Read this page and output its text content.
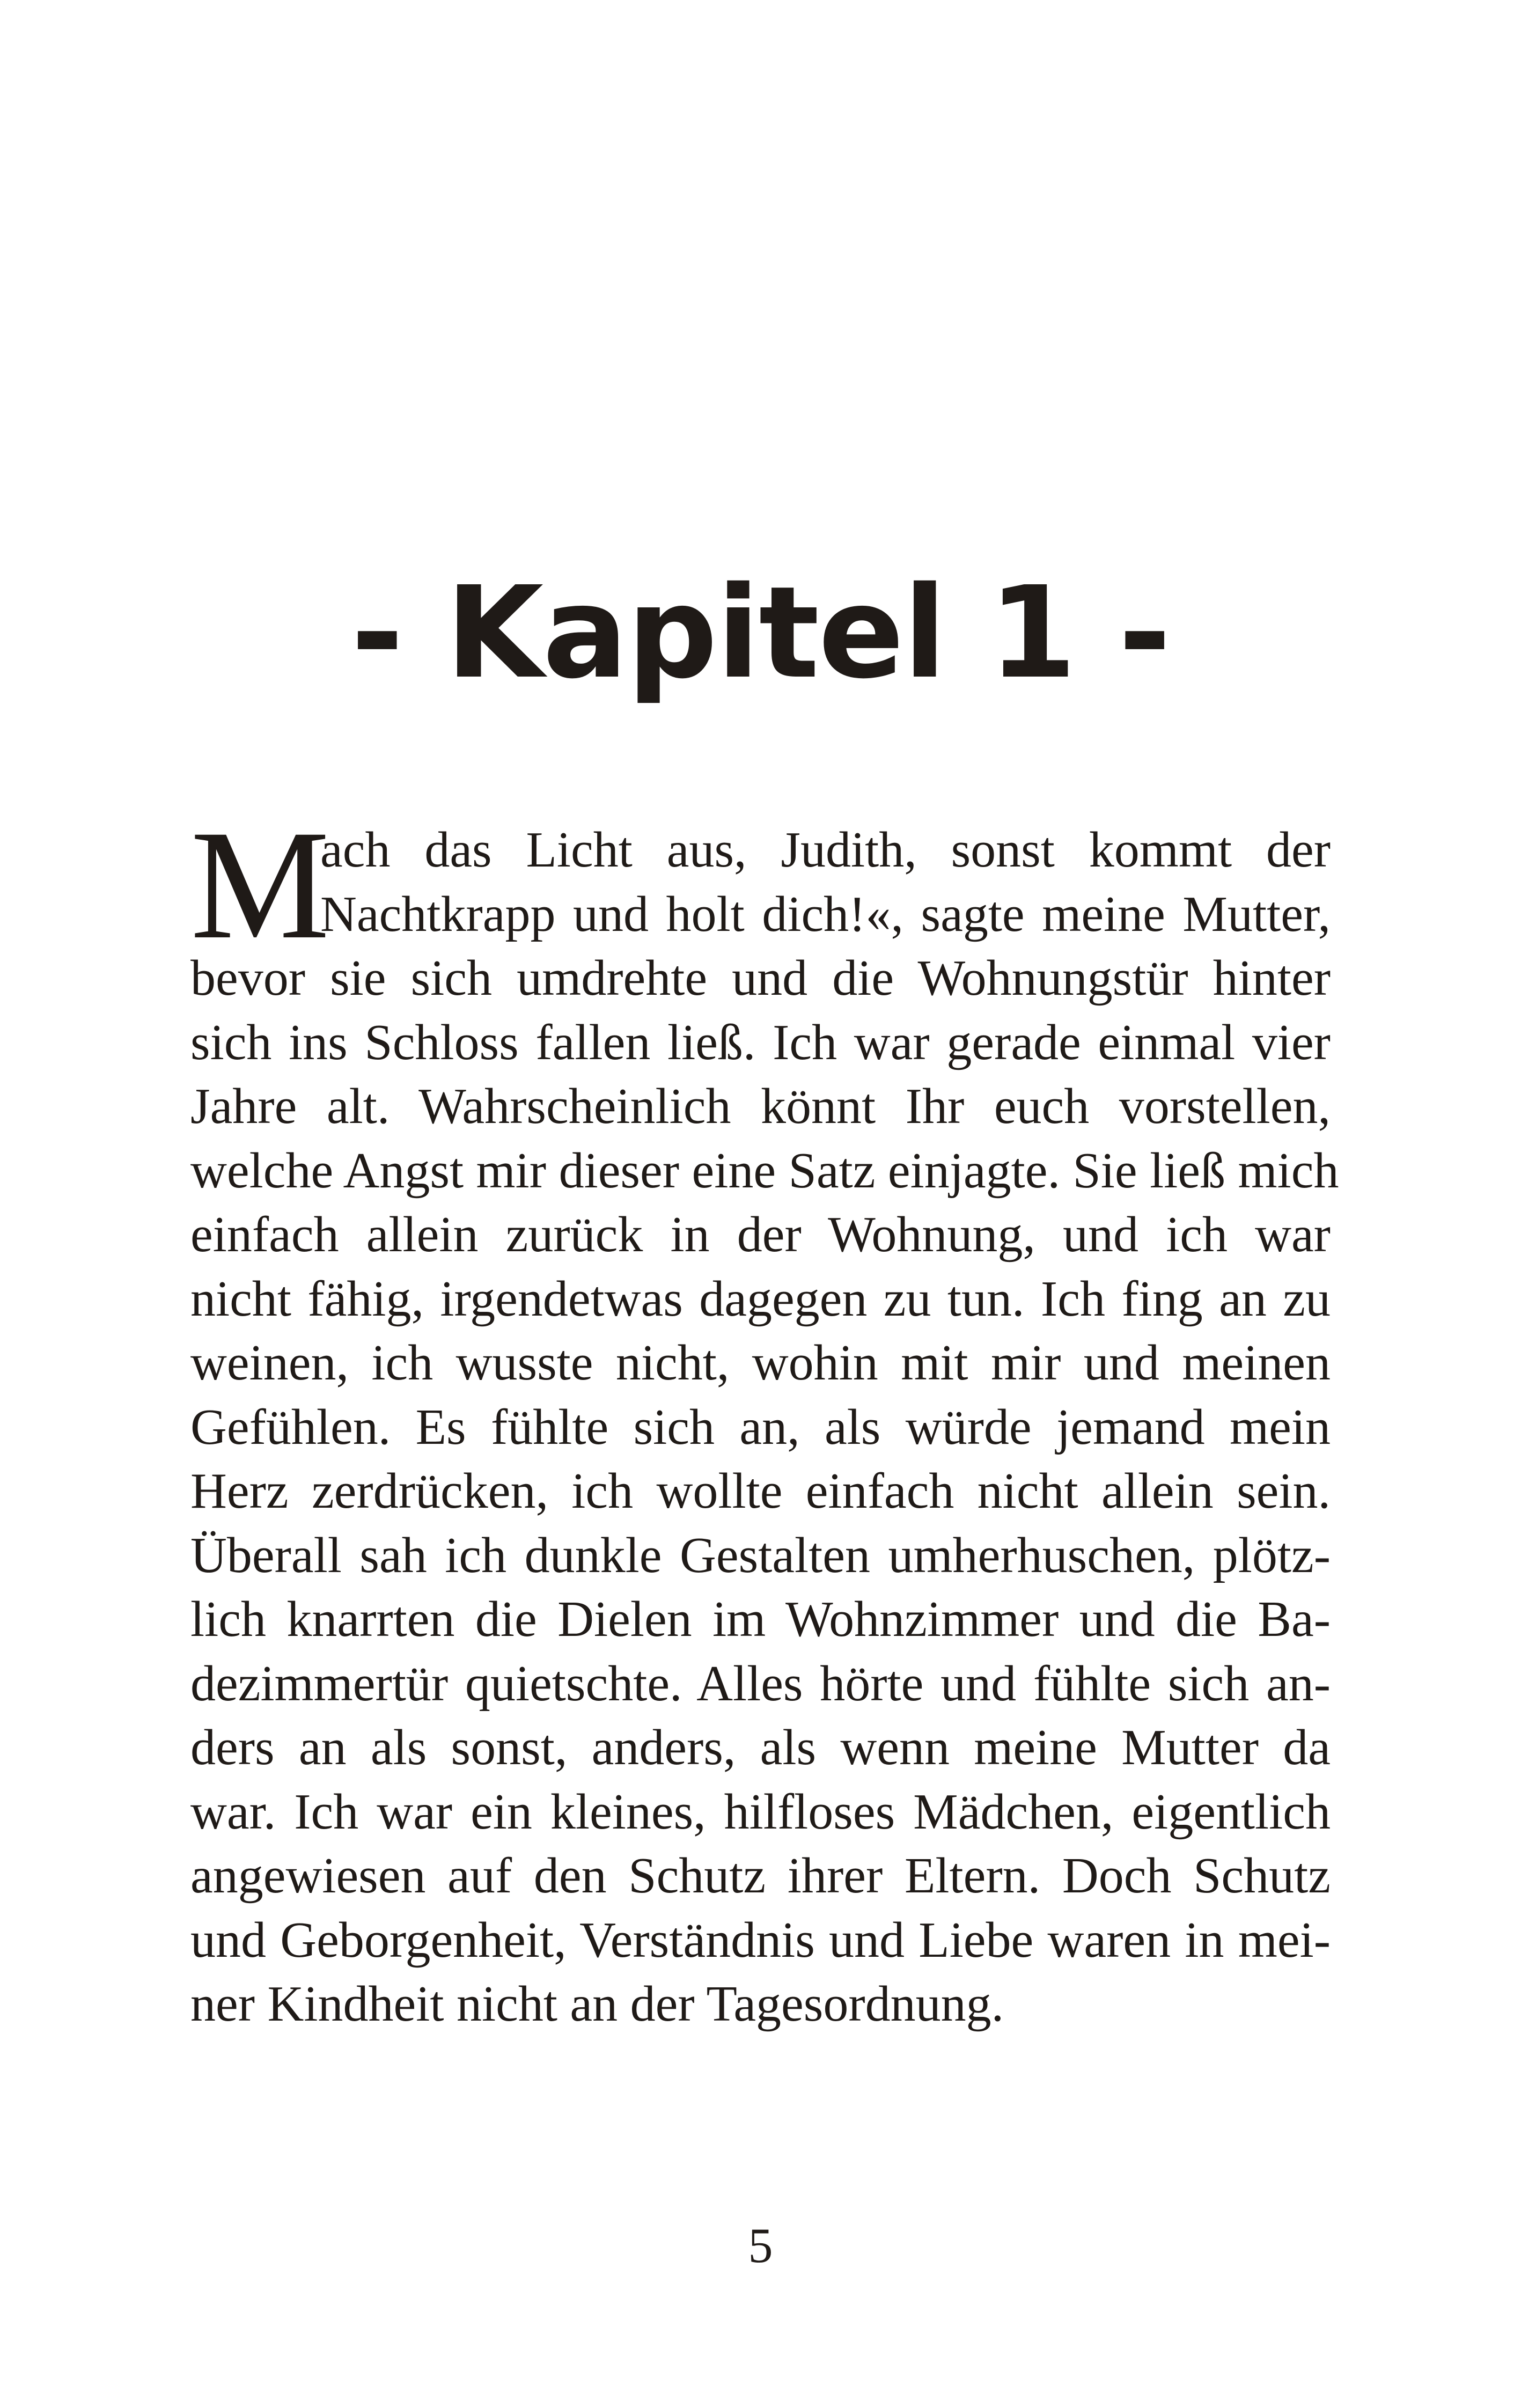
- Kapitel 1 -
M

ach das Licht aus, Judith, sonst kommt der
Nachtkrapp und holt dich!«, sagte meine Mutter,
bevor sie sich umdrehte und die Wohnungstür hinter
sich ins Schloss fallen ließ. Ich war gerade einmal vier
Jahre alt. Wahrscheinlich könnt Ihr euch vorstellen,
welche Angst mir dieser eine Satz einjagte. Sie ließ mich
einfach allein zurück in der Wohnung, und ich war
nicht fähig, irgendetwas dagegen zu tun. Ich fing an zu
weinen, ich wusste nicht, wohin mit mir und meinen
Gefühlen. Es fühlte sich an, als würde jemand mein
Herz zerdrücken, ich wollte einfach nicht allein sein.
Überall sah ich dunkle Gestalten umherhuschen, plötz-
lich knarrten die Dielen im Wohnzimmer und die Ba-
dezimmertür quietschte. Alles hörte und fühlte sich an-
ders an als sonst, anders, als wenn meine Mutter da
war. Ich war ein kleines, hilfloses Mädchen, eigentlich
angewiesen auf den Schutz ihrer Eltern. Doch Schutz
und Geborgenheit, Verständnis und Liebe waren in mei-
ner Kindheit nicht an der Tagesordnung.

5
